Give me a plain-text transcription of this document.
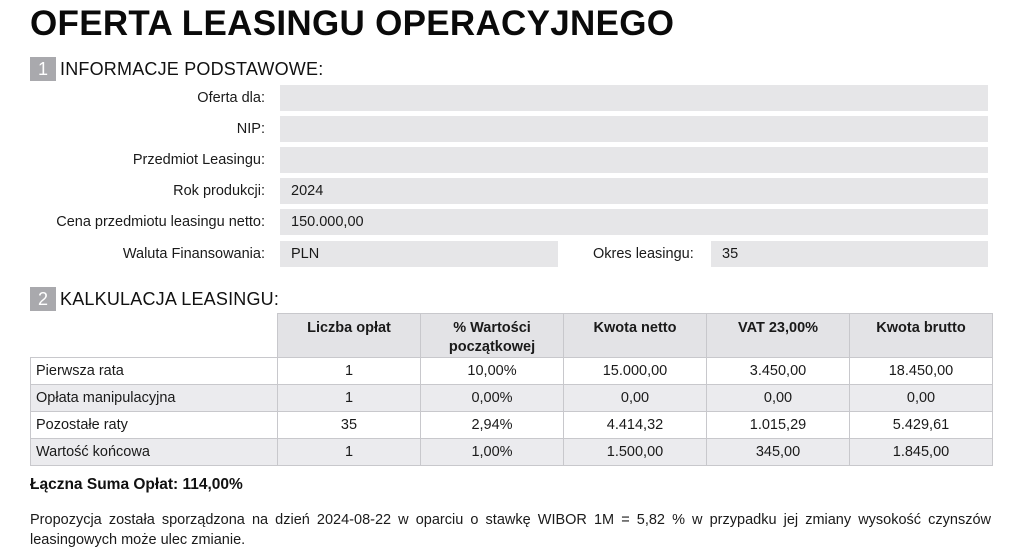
OFERTA LEASINGU OPERACYJNEGO
1 INFORMACJE PODSTAWOWE:
Oferta dla:
NIP:
Przedmiot Leasingu:
Rok produkcji:	2024
Cena przedmiotu leasingu netto:	150.000,00
Waluta Finansowania:	PLN	Okres leasingu:	35
2 KALKULACJA LEASINGU:
	Liczba opłat	% Wartości początkowej	Kwota netto	VAT 23,00%	Kwota brutto
Pierwsza rata	1	10,00%	15.000,00	3.450,00	18.450,00
Opłata manipulacyjna	1	0,00%	0,00	0,00	0,00
Pozostałe raty	35	2,94%	4.414,32	1.015,29	5.429,61
Wartość końcowa	1	1,00%	1.500,00	345,00	1.845,00
Łączna Suma Opłat: 114,00%
Propozycja została sporządzona na dzień 2024-08-22 w oparciu o stawkę WIBOR 1M = 5,82 % w przypadku jej zmiany wysokość czynszów leasingowych może ulec zmianie.
